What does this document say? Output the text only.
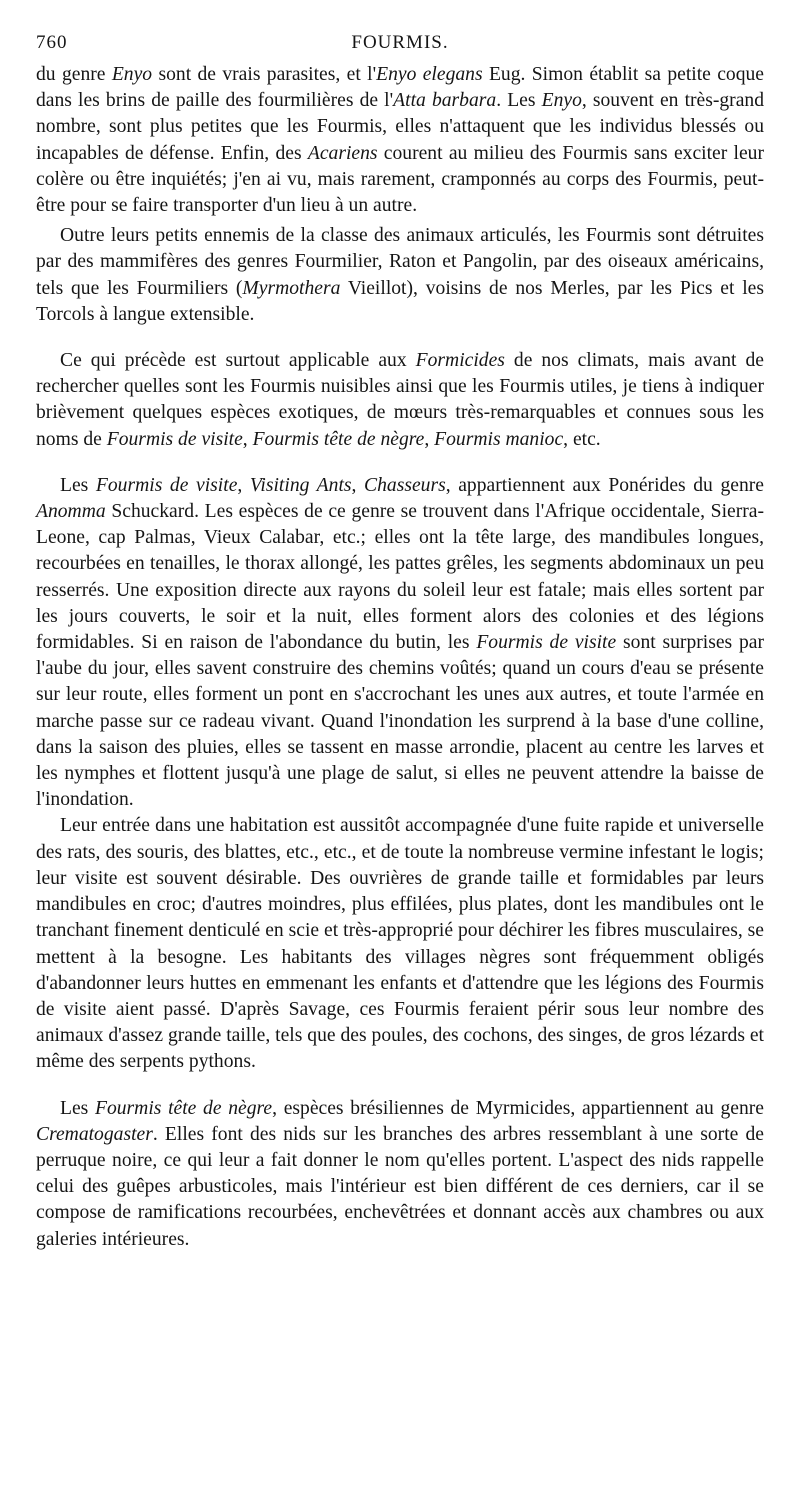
760	FOURMIS.

du genre Enyo sont de vrais parasites, et l'Enyo elegans Eug. Simon établit sa petite coque dans les brins de paille des fourmilières de l'Atta barbara. Les Enyo, souvent en très-grand nombre, sont plus petites que les Fourmis, elles n'attaquent que les individus blessés ou incapables de défense. Enfin, des Acariens courent au milieu des Fourmis sans exciter leur colère ou être inquiétés; j'en ai vu, mais rarement, cramponnés au corps des Fourmis, peut-être pour se faire transporter d'un lieu à un autre.

Outre leurs petits ennemis de la classe des animaux articulés, les Fourmis sont détruites par des mammifères des genres Fourmilier, Raton et Pangolin, par des oiseaux américains, tels que les Fourmiliers (Myrmothera Vieillot), voisins de nos Merles, par les Pics et les Torcols à langue extensible.

Ce qui précède est surtout applicable aux Formicides de nos climats, mais avant de rechercher quelles sont les Fourmis nuisibles ainsi que les Fourmis utiles, je tiens à indiquer brièvement quelques espèces exotiques, de mœurs très-remarquables et connues sous les noms de Fourmis de visite, Fourmis tête de nègre, Fourmis manioc, etc.

Les Fourmis de visite, Visiting Ants, Chasseurs, appartiennent aux Ponérides du genre Anomma Schuckard. Les espèces de ce genre se trouvent dans l'Afrique occidentale, Sierra-Leone, cap Palmas, Vieux Calabar, etc.; elles ont la tête large, des mandibules longues, recourbées en tenailles, le thorax allongé, les pattes grêles, les segments abdominaux un peu resserrés. Une exposition directe aux rayons du soleil leur est fatale; mais elles sortent par les jours couverts, le soir et la nuit, elles forment alors des colonies et des légions formidables. Si en raison de l'abondance du butin, les Fourmis de visite sont surprises par l'aube du jour, elles savent construire des chemins voûtés; quand un cours d'eau se présente sur leur route, elles forment un pont en s'accrochant les unes aux autres, et toute l'armée en marche passe sur ce radeau vivant. Quand l'inondation les surprend à la base d'une colline, dans la saison des pluies, elles se tassent en masse arrondie, placent au centre les larves et les nymphes et flottent jusqu'à une plage de salut, si elles ne peuvent attendre la baisse de l'inondation.

Leur entrée dans une habitation est aussitôt accompagnée d'une fuite rapide et universelle des rats, des souris, des blattes, etc., etc., et de toute la nombreuse vermine infestant le logis; leur visite est souvent désirable. Des ouvrières de grande taille et formidables par leurs mandibules en croc; d'autres moindres, plus effilées, plus plates, dont les mandibules ont le tranchant finement denticulé en scie et très-approprié pour déchirer les fibres musculaires, se mettent à la besogne. Les habitants des villages nègres sont fréquemment obligés d'abandonner leurs huttes en emmenant les enfants et d'attendre que les légions des Fourmis de visite aient passé. D'après Savage, ces Fourmis feraient périr sous leur nombre des animaux d'assez grande taille, tels que des poules, des cochons, des singes, de gros lézards et même des serpents pythons.

Les Fourmis tête de nègre, espèces brésiliennes de Myrmicides, appartiennent au genre Crematogaster. Elles font des nids sur les branches des arbres ressemblant à une sorte de perruque noire, ce qui leur a fait donner le nom qu'elles portent. L'aspect des nids rappelle celui des guêpes arbusticoles, mais l'intérieur est bien différent de ces derniers, car il se compose de ramifications recourbées, enchevêtrées et donnant accès aux chambres ou aux galeries intérieures.
